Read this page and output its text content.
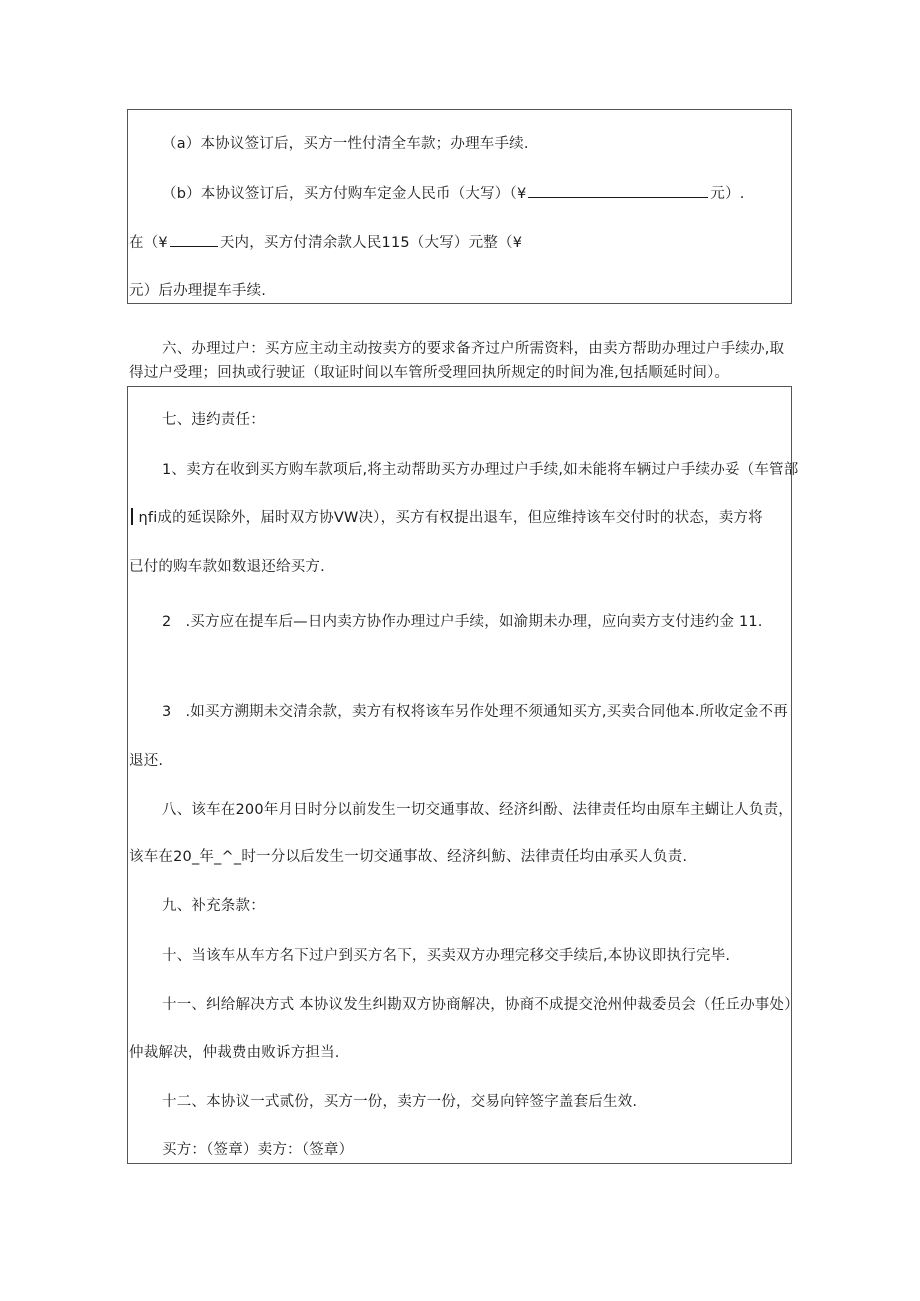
（a）本协议签订后，买方一性付清全车款；办理车手续.
（b）本协议签订后，买方付购车定金人民币（大写）（¥	元）.
在（¥	天内，买方付清余款人民115（大写）元整（¥
元）后办理提车手续.
六、办理过户：买方应主动主动按卖方的要求备齐过户所需资料，由卖方帮助办理过户手续办,取
得过户受理；回执或行驶证（取证时间以车管所受理回执所规定的时间为准,包括顺延时间）。
七、违约责任：
1、卖方在收到买方购车款项后,将主动帮助买方办理过户手续,如未能将车辆过户手续办妥（车管部
ηfi成的延误除外，届时双方协VW决），买方有权提出退车，但应维持该车交付时的状态，卖方将
已付的购车款如数退还给买方.
2 .买方应在提车后—日内卖方协作办理过户手续，如渝期未办理，应向卖方支付违约金 11.
3 .如买方溯期未交清余款，卖方有权将该车另作处理不须通知买方,买卖合同他本.所收定金不再
退还.
八、该车在200年月日时分以前发生一切交通事故、经济纠酚、法律责任均由原车主蝴让人负责，
该车在20_年_^_时一分以后发生一切交通事故、经济纠魴、法律责任均由承买人负责.
九、补充条款：
十、当该车从车方名下过户到买方名下，买卖双方办理完移交手续后,本协议即执行完毕.
十一、纠给解决方式 本协议发生纠勘双方协商解决，协商不成提交沧州仲裁委员会（任丘办事处）
仲裁解决，仲裁费由败诉方担当.
十二、本协议一式贰份，买方一份，卖方一份，交易向锌签字盖套后生效.
买方：（签章）卖方：（签章）
